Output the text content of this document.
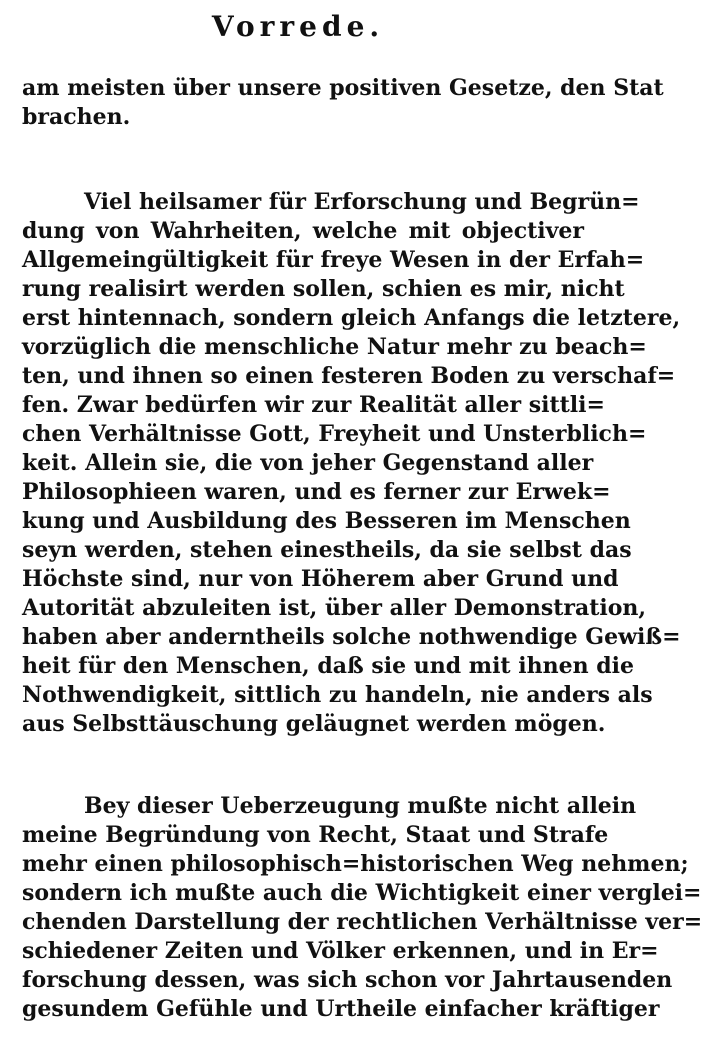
Vorrede.
am meisten über unsere positiven Gesetze, den Stat
brachen.
Viel heilsamer für Erforschung und Begrün=
dung von Wahrheiten, welche mit objectiver
Allgemeingültigkeit für freye Wesen in der Erfah=
rung realisirt werden sollen, schien es mir, nicht
erst hintennach, sondern gleich Anfangs die letztere,
vorzüglich die menschliche Natur mehr zu beach=
ten, und ihnen so einen festeren Boden zu verschaf=
fen. Zwar bedürfen wir zur Realität aller sittli=
chen Verhältnisse Gott, Freyheit und Unsterblich=
keit. Allein sie, die von jeher Gegenstand aller
Philosophieen waren, und es ferner zur Erwek=
kung und Ausbildung des Besseren im Menschen
seyn werden, stehen einestheils, da sie selbst das
Höchste sind, nur von Höherem aber Grund und
Autorität abzuleiten ist, über aller Demonstration,
haben aber anderntheils solche nothwendige Gewiß=
heit für den Menschen, daß sie und mit ihnen die
Nothwendigkeit, sittlich zu handeln, nie anders als
aus Selbsttäuschung geläugnet werden mögen.
Bey dieser Ueberzeugung mußte nicht allein
meine Begründung von Recht, Staat und Strafe
mehr einen philosophisch=historischen Weg nehmen;
sondern ich mußte auch die Wichtigkeit einer verglei=
chenden Darstellung der rechtlichen Verhältnisse ver=
schiedener Zeiten und Völker erkennen, und in Er=
forschung dessen, was sich schon vor Jahrtausenden
gesundem Gefühle und Urtheile einfacher kräftiger
